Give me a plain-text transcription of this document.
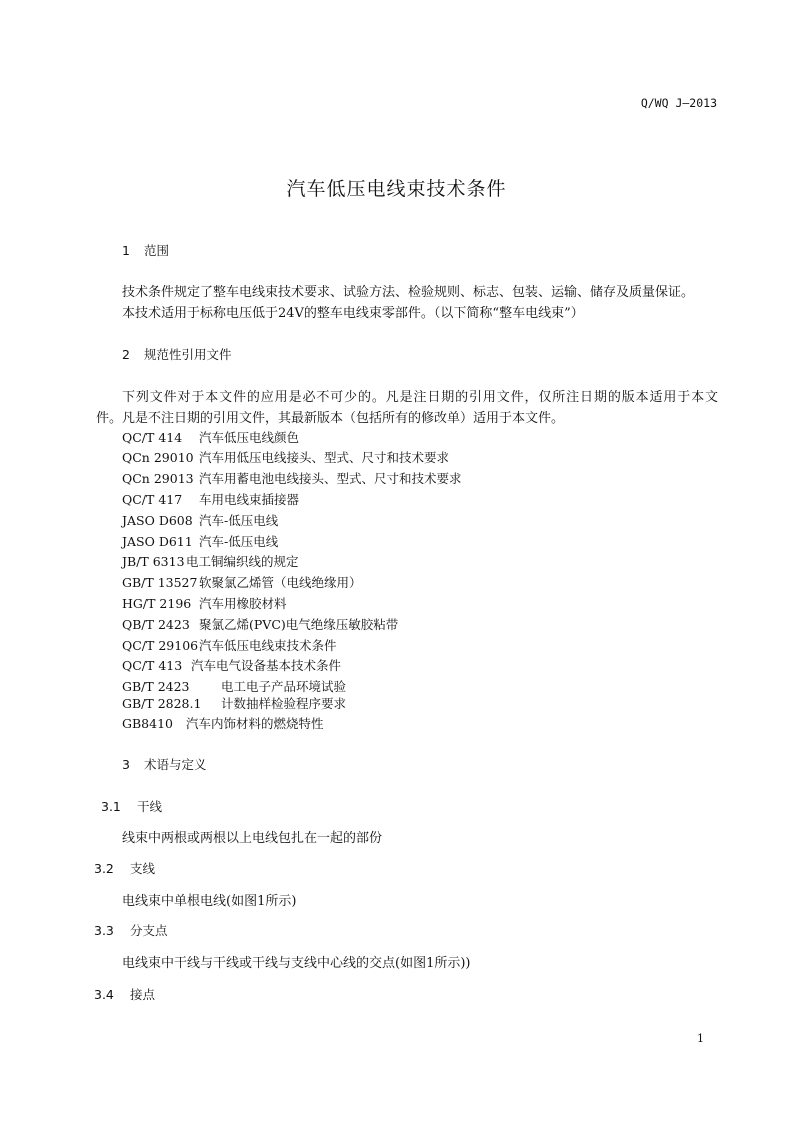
Q/WQ J—2013
汽车低压电线束技术条件
1 范围
技术条件规定了整车电线束技术要求、试验方法、检验规则、标志、包装、运输、储存及质量保证。
本技术适用于标称电压低于24V的整车电线束零部件。（以下简称“整车电线束”）
2 规范性引用文件
下列文件对于本文件的应用是必不可少的。凡是注日期的引用文件，仅所注日期的版本适用于本文
件。凡是不注日期的引用文件，其最新版本（包括所有的修改单）适用于本文件。
QC/T 414 汽车低压电线颜色
QCn 29010 汽车用低压电线接头、型式、尺寸和技术要求
QCn 29013 汽车用蓄电池电线接头、型式、尺寸和技术要求
QC/T 417 车用电线束插接器
JASO D608 汽车-低压电线
JASO D611 汽车-低压电线
JB/T 6313电工铜编织线的规定
GB/T 13527 软聚氯乙烯管（电线绝缘用）
HG/T 2196 汽车用橡胶材料
QB/T 2423 聚氯乙烯(PVC)电气绝缘压敏胶粘带
QC/T 29106汽车低压电线束技术条件
QC/T 413 汽车电气设备基本技术条件
GB/T 2423	电工电子产品环境试验
GB/T 2828.1 计数抽样检验程序要求
GB8410 汽车内饰材料的燃烧特性
3 术语与定义
3.1 干线
线束中两根或两根以上电线包扎在一起的部份
3.2 支线
电线束中单根电线(如图1所示)
3.3 分支点
电线束中干线与干线或干线与支线中心线的交点(如图1所示))
3.4 接点
1
